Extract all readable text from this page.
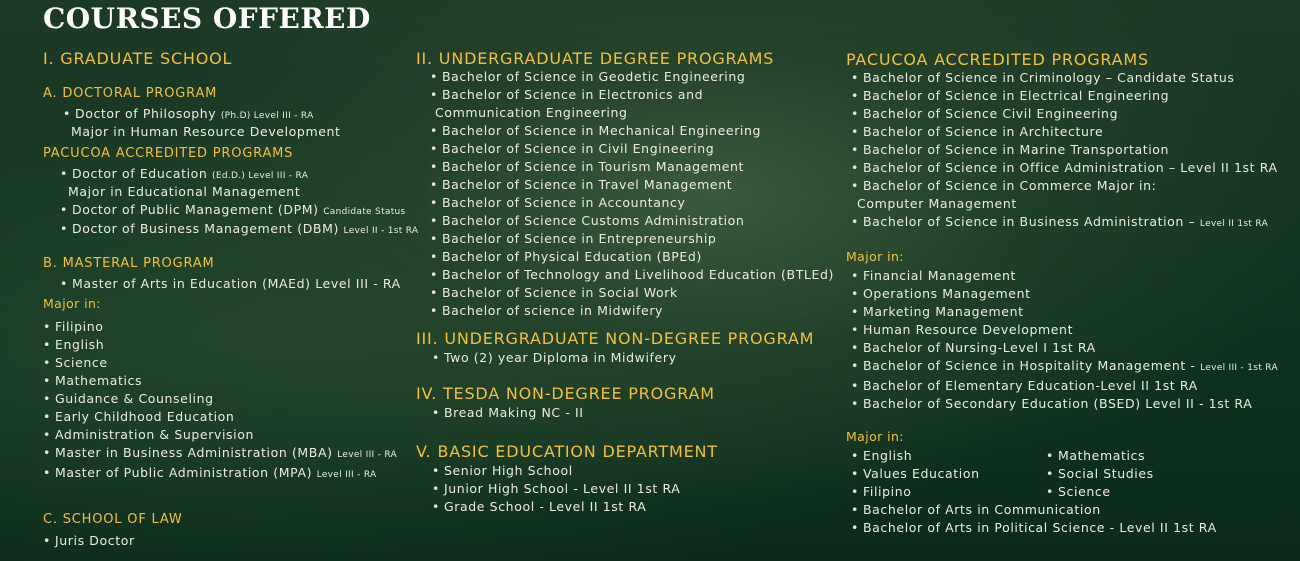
COURSES OFFERED

I. GRADUATE SCHOOL

A. DOCTORAL PROGRAM

• Doctor of Philosophy (Ph.D) Level III - RA

Major in Human Resource Development

PACUCOA ACCREDITED PROGRAMS

• Doctor of Education (Ed.D.) Level III - RA

Major in Educational Management

• Doctor of Public Management (DPM) Candidate Status

• Doctor of Business Management (DBM) Level II - 1st RA

B. MASTERAL PROGRAM

• Master of Arts in Education (MAEd) Level III - RA

Major in:

• Filipino

• English

• Science

• Mathematics

• Guidance & Counseling

• Early Childhood Education

• Administration & Supervision

• Master in Business Administration (MBA) Level III - RA

• Master of Public Administration (MPA) Level III - RA

C. SCHOOL OF LAW

• Juris Doctor

II. UNDERGRADUATE DEGREE PROGRAMS

• Bachelor of Science in Geodetic Engineering

• Bachelor of Science in Electronics and

Communication Engineering

• Bachelor of Science in Mechanical Engineering

• Bachelor of Science in Civil Engineering

• Bachelor of Science in Tourism Management

• Bachelor of Science in Travel Management

• Bachelor of Science in Accountancy

• Bachelor of Science Customs Administration

• Bachelor of Science in Entrepreneurship

• Bachelor of Physical Education (BPEd)

• Bachelor of Technology and Livelihood Education (BTLEd)

• Bachelor of Science in Social Work

• Bachelor of science in Midwifery

III. UNDERGRADUATE NON-DEGREE PROGRAM

• Two (2) year Diploma in Midwifery

IV. TESDA NON-DEGREE PROGRAM

• Bread Making NC - II

V. BASIC EDUCATION DEPARTMENT

• Senior High School

• Junior High School - Level II 1st RA

• Grade School - Level II 1st RA

PACUCOA ACCREDITED PROGRAMS

• Bachelor of Science in Criminology – Candidate Status

• Bachelor of Science in Electrical Engineering

• Bachelor of Science Civil Engineering

• Bachelor of Science in Architecture

• Bachelor of Science in Marine Transportation

• Bachelor of Science in Office Administration – Level II 1st RA

• Bachelor of Science in Commerce Major in:

Computer Management

• Bachelor of Science in Business Administration – Level II 1st RA

Major in:

• Financial Management

• Operations Management

• Marketing Management

• Human Resource Development

• Bachelor of Nursing-Level I 1st RA

• Bachelor of Science in Hospitality Management - Level III - 1st RA

• Bachelor of Elementary Education-Level II 1st RA

• Bachelor of Secondary Education (BSED) Level II - 1st RA

Major in:

• English

• Values Education

• Filipino

• Bachelor of Arts in Communication

• Bachelor of Arts in Political Science - Level II 1st RA

• Mathematics

• Social Studies

• Science
